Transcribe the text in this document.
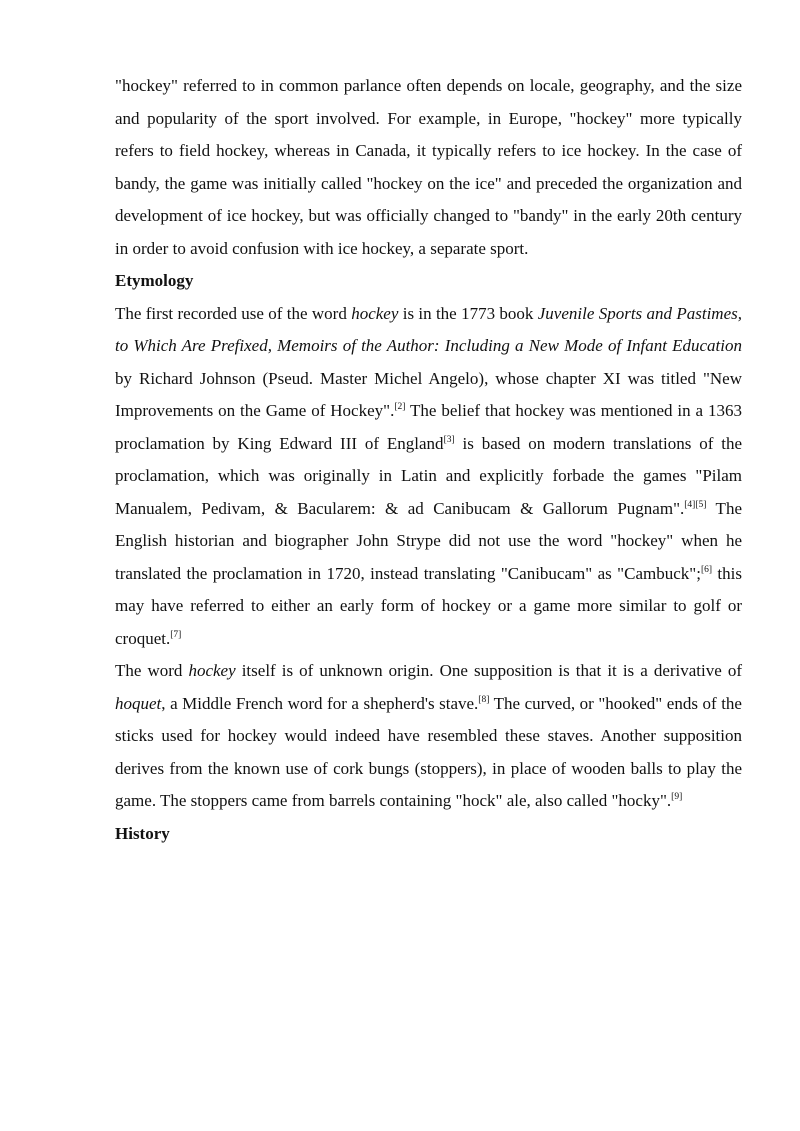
"hockey" referred to in common parlance often depends on locale, geography, and the size and popularity of the sport involved. For example, in Europe, "hockey" more typically refers to field hockey, whereas in Canada, it typically refers to ice hockey. In the case of bandy, the game was initially called "hockey on the ice" and preceded the organization and development of ice hockey, but was officially changed to "bandy" in the early 20th century in order to avoid confusion with ice hockey, a separate sport.

Etymology

The first recorded use of the word hockey is in the 1773 book Juvenile Sports and Pastimes, to Which Are Prefixed, Memoirs of the Author: Including a New Mode of Infant Education by Richard Johnson (Pseud. Master Michel Angelo), whose chapter XI was titled "New Improvements on the Game of Hockey".[2] The belief that hockey was mentioned in a 1363 proclamation by King Edward III of England[3] is based on modern translations of the proclamation, which was originally in Latin and explicitly forbade the games "Pilam Manualem, Pedivam, & Bacularem: & ad Canibucam & Gallorum Pugnam".[4][5] The English historian and biographer John Strype did not use the word "hockey" when he translated the proclamation in 1720, instead translating "Canibucam" as "Cambuck";[6] this may have referred to either an early form of hockey or a game more similar to golf or croquet.[7]

The word hockey itself is of unknown origin. One supposition is that it is a derivative of hoquet, a Middle French word for a shepherd's stave.[8] The curved, or "hooked" ends of the sticks used for hockey would indeed have resembled these staves. Another supposition derives from the known use of cork bungs (stoppers), in place of wooden balls to play the game. The stoppers came from barrels containing "hock" ale, also called "hocky".[9]

History
